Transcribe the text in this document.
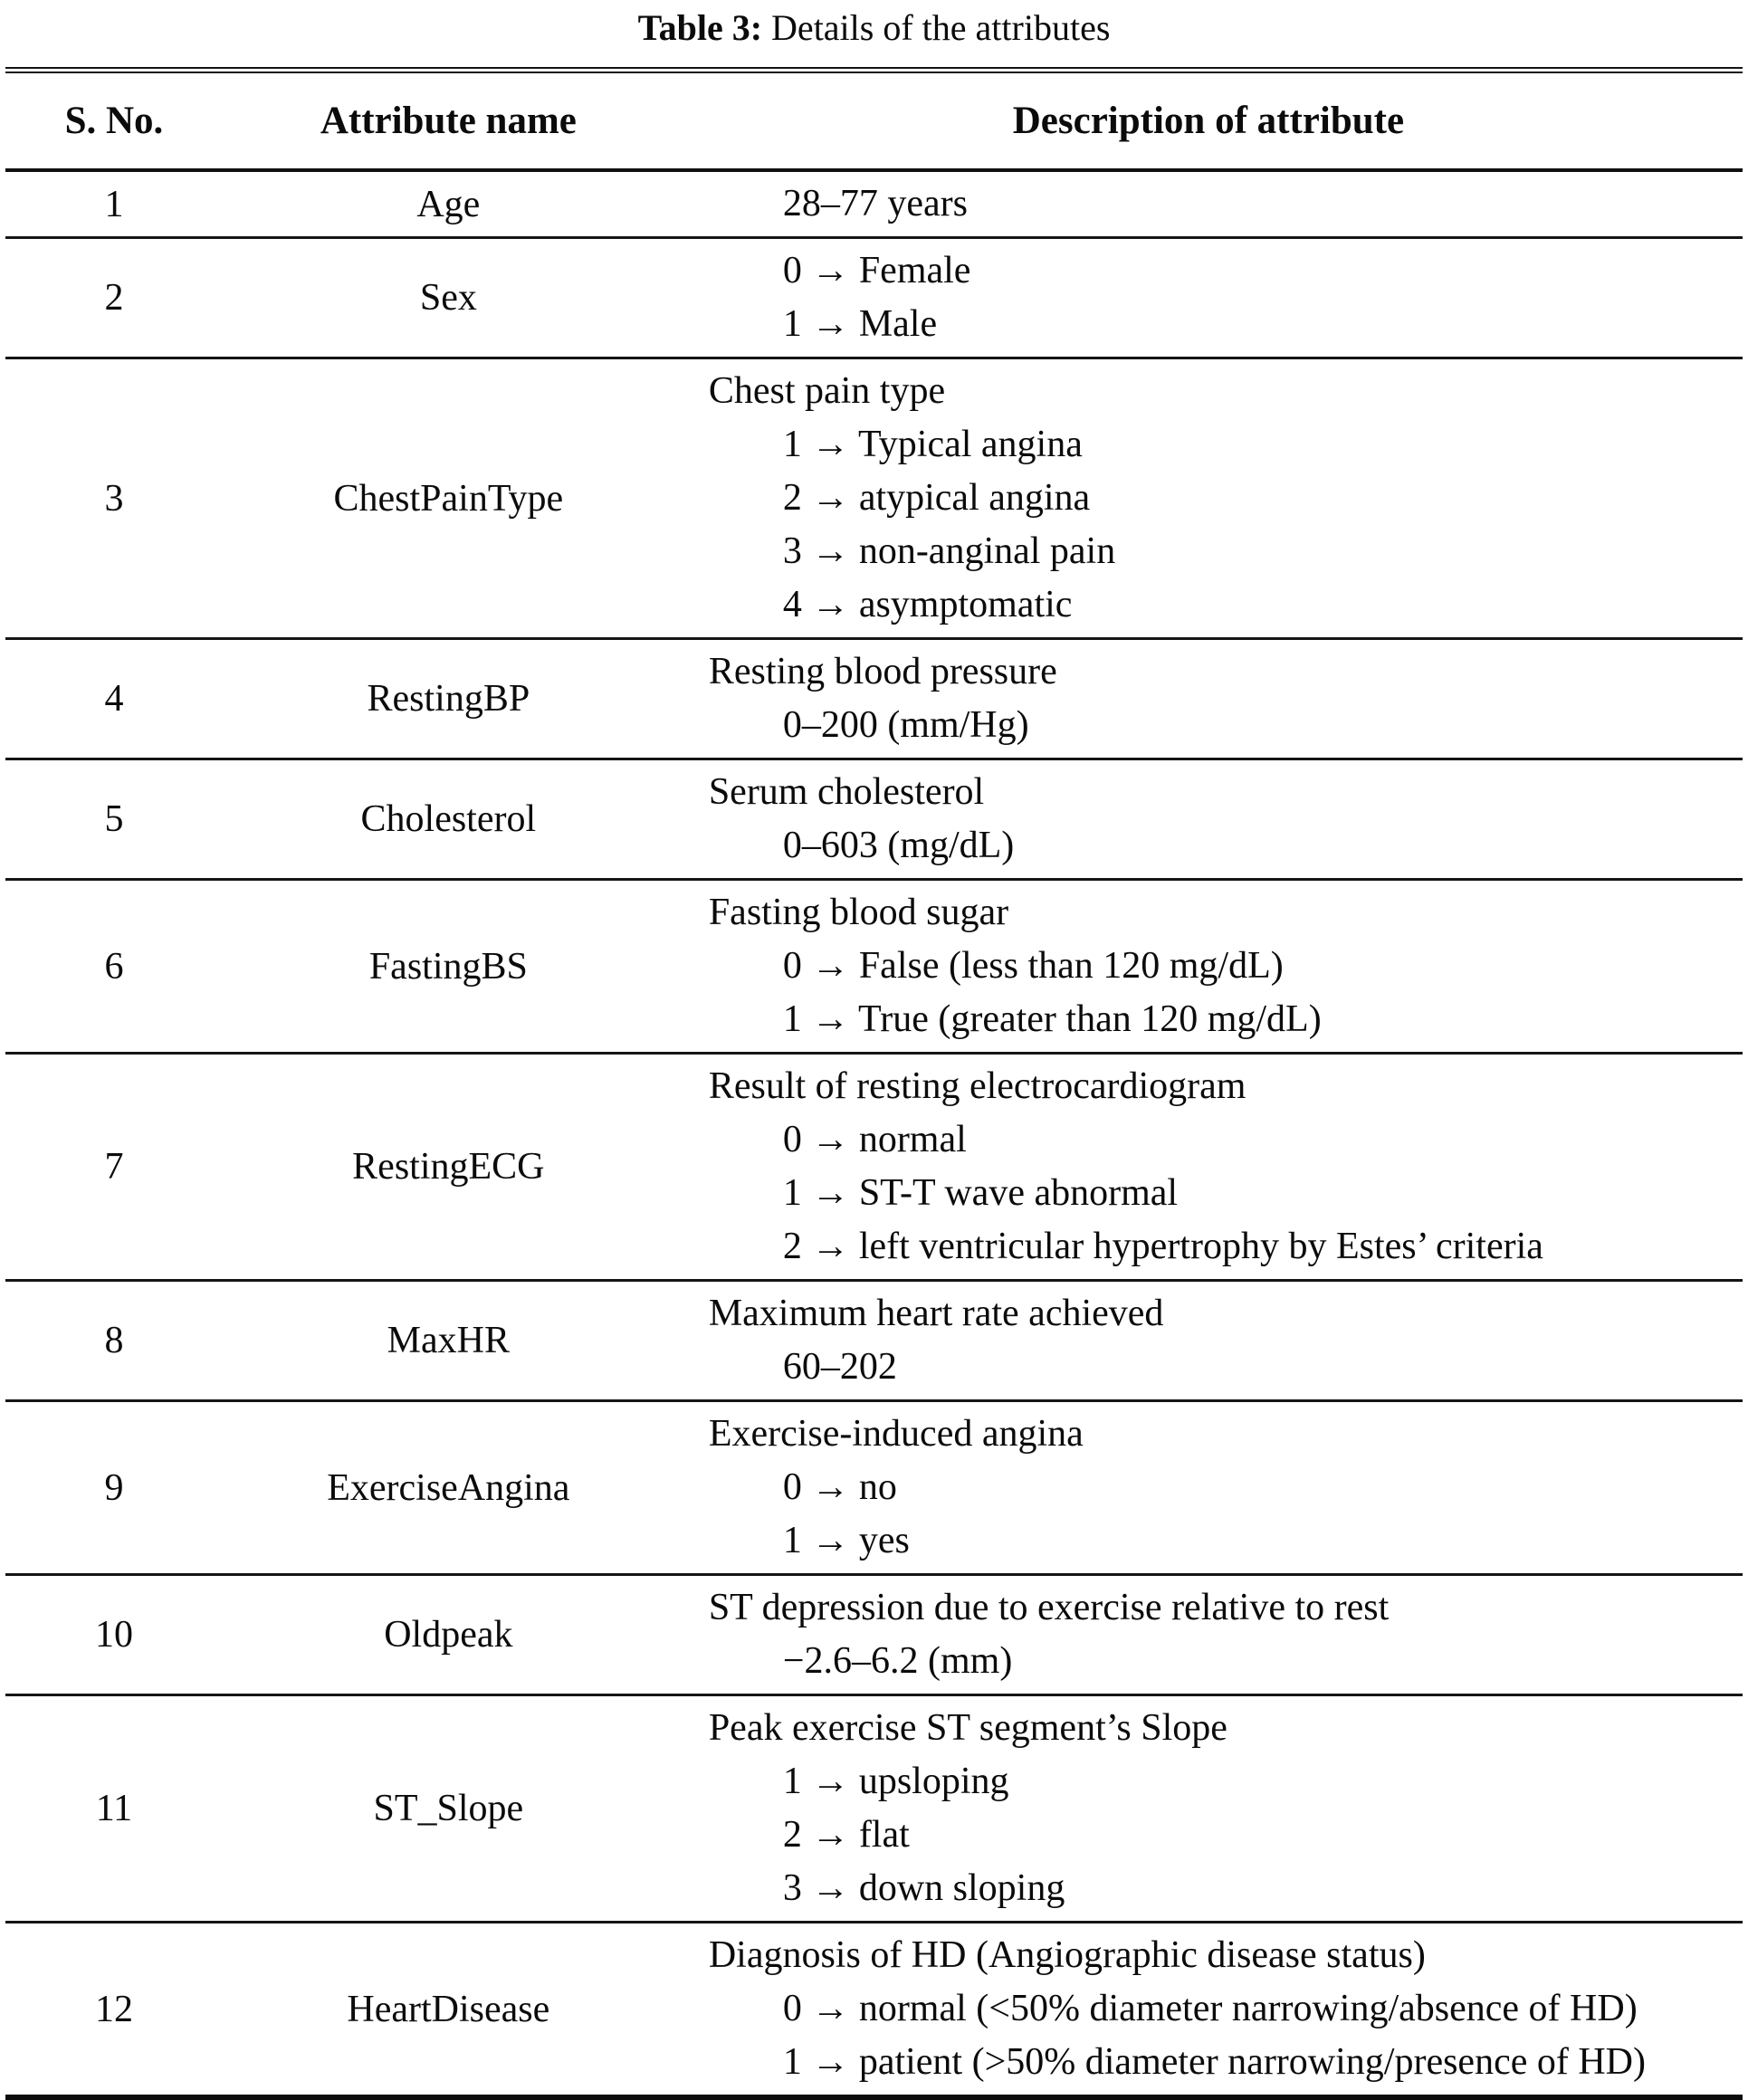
Table 3: Details of the attributes
S. No.	Attribute name	Description of attribute
1	Age	28–77 years

2	Sex	0 → Female
1 → Male

3	ChestPainType	Chest pain type
1 → Typical angina
2 → atypical angina
3 → non-anginal pain
4 → asymptomatic

4	RestingBP	Resting blood pressure
0–200 (mm/Hg)

5	Cholesterol	Serum cholesterol
0–603 (mg/dL)

6	FastingBS	Fasting blood sugar
0 → False (less than 120 mg/dL)
1 → True (greater than 120 mg/dL)

7	RestingECG	Result of resting electrocardiogram
0 → normal
1 → ST-T wave abnormal
2 → left ventricular hypertrophy by Estes’ criteria

8	MaxHR	Maximum heart rate achieved
60–202

9	ExerciseAngina	Exercise-induced angina
0 → no
1 → yes

10	Oldpeak	ST depression due to exercise relative to rest
−2.6–6.2 (mm)

11	ST_Slope	Peak exercise ST segment’s Slope
1 → upsloping
2 → flat
3 → down sloping

12	HeartDisease	Diagnosis of HD (Angiographic disease status)
0 → normal (<50% diameter narrowing/absence of HD)
1 → patient (>50% diameter narrowing/presence of HD)
